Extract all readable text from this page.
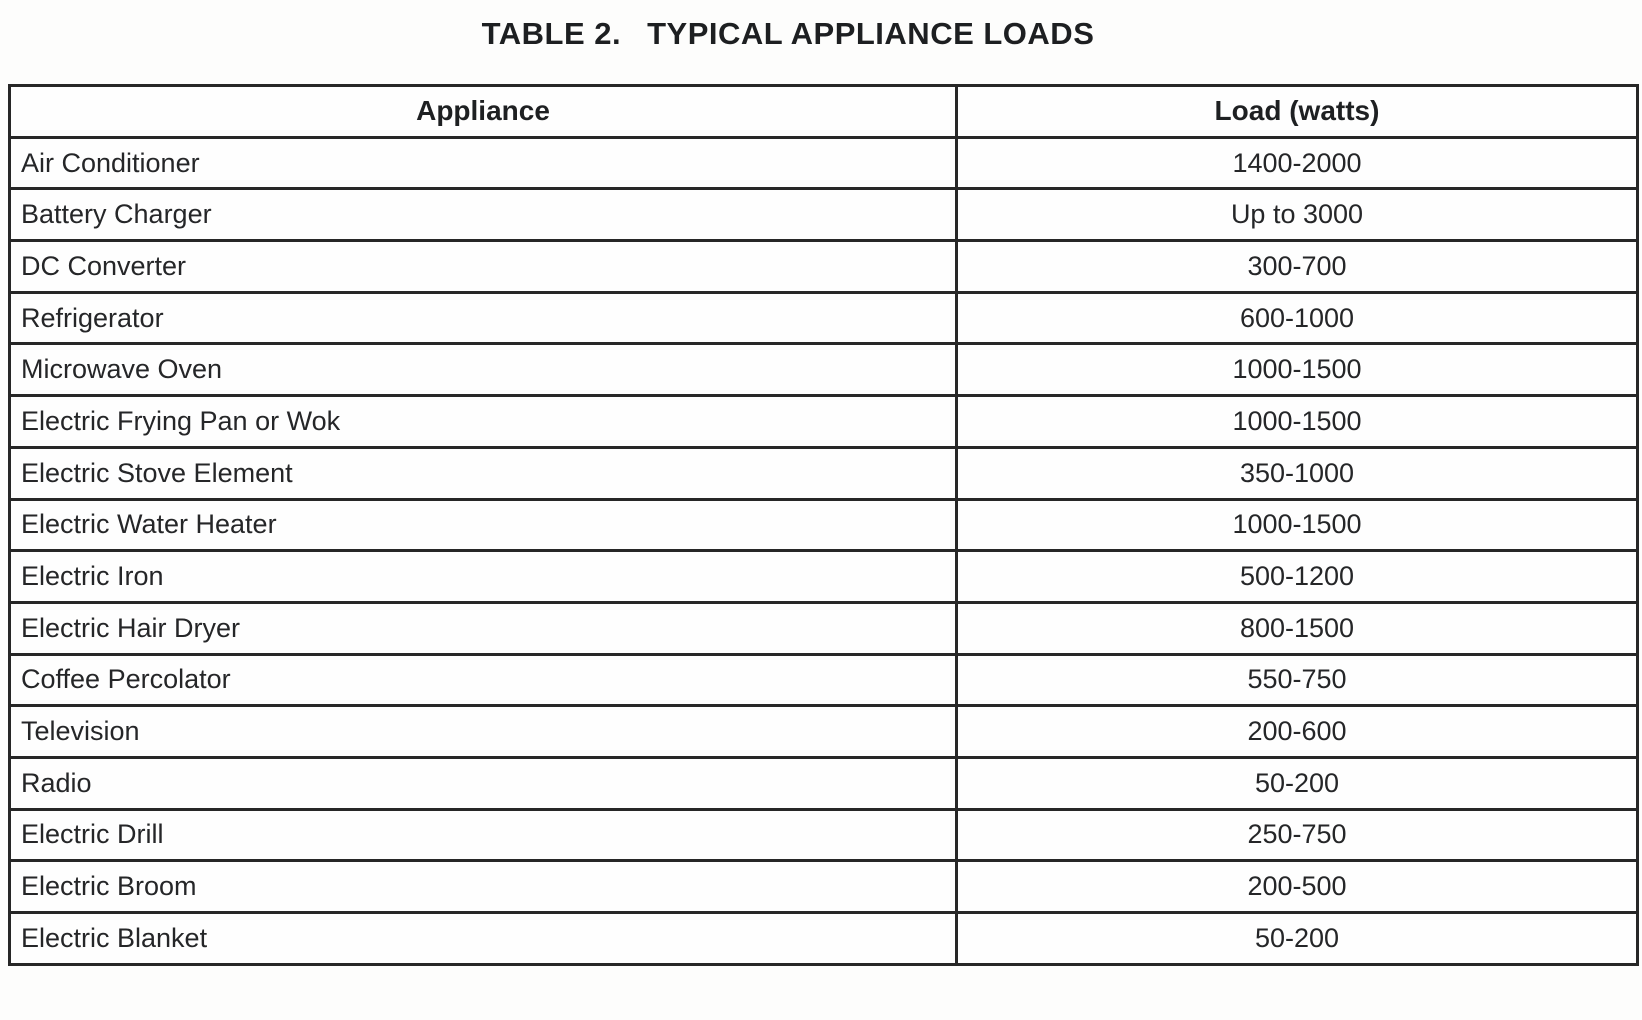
TABLE 2. TYPICAL APPLIANCE LOADS
Appliance	Load (watts)
Air Conditioner	1400-2000
Battery Charger	Up to 3000
DC Converter	300-700
Refrigerator	600-1000
Microwave Oven	1000-1500
Electric Frying Pan or Wok	1000-1500
Electric Stove Element	350-1000
Electric Water Heater	1000-1500
Electric Iron	500-1200
Electric Hair Dryer	800-1500
Coffee Percolator	550-750
Television	200-600
Radio	50-200
Electric Drill	250-750
Electric Broom	200-500
Electric Blanket	50-200
